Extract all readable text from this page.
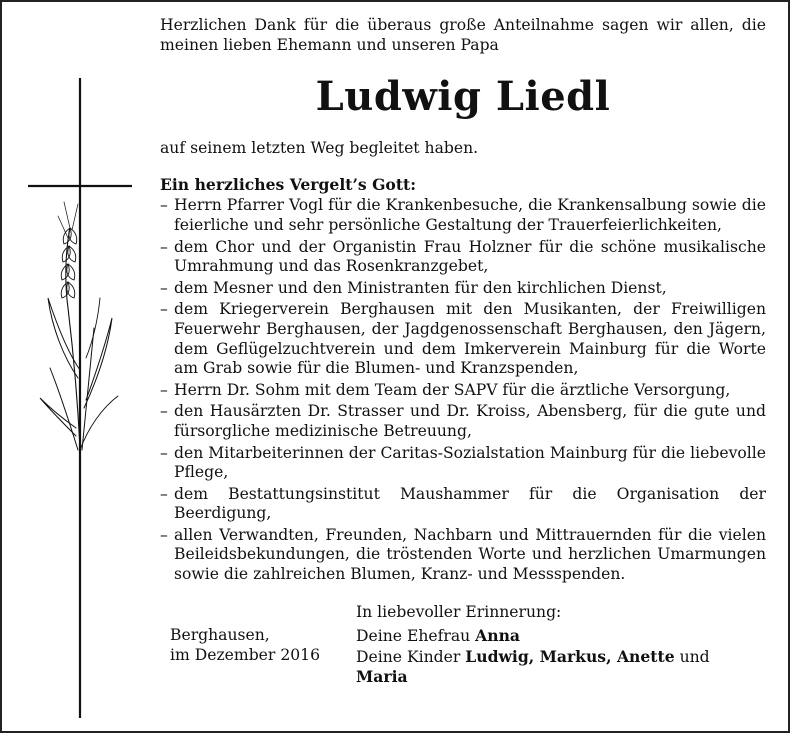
Herzlichen Dank für die überaus große Anteilnahme sagen wir allen, die meinen lieben Ehemann und unseren Papa

Ludwig Liedl

auf seinem letzten Weg begleitet haben.

Ein herzliches Vergelt’s Gott:

– Herrn Pfarrer Vogl für die Krankenbesuche, die Krankensalbung sowie die feierliche und sehr persönliche Gestaltung der Trauerfeierlichkeiten,
– dem Chor und der Organistin Frau Holzner für die schöne musikalische Umrahmung und das Rosenkranzgebet,
– dem Mesner und den Ministranten für den kirchlichen Dienst,
– dem Kriegerverein Berghausen mit den Musikanten, der Freiwilligen Feuerwehr Berghausen, der Jagdgenossenschaft Berghausen, den Jägern, dem Geflügelzuchtverein und dem Imkerverein Mainburg für die Worte am Grab sowie für die Blumen- und Kranzspenden,
– Herrn Dr. Sohm mit dem Team der SAPV für die ärztliche Versorgung,
– den Hausärzten Dr. Strasser und Dr. Kroiss, Abensberg, für die gute und fürsorgliche medizinische Betreuung,
– den Mitarbeiterinnen der Caritas-Sozialstation Mainburg für die liebevolle Pflege,
– dem Bestattungsinstitut Maushammer für die Organisation der Beerdigung,
– allen Verwandten, Freunden, Nachbarn und Mittrauernden für die vielen Beileidsbekundungen, die tröstenden Worte und herzlichen Umarmungen sowie die zahlreichen Blumen, Kranz- und Messspenden.
In liebevoller Erinnerung:
Berghausen,
im Dezember 2016
Deine Ehefrau Anna
Deine Kinder Ludwig, Markus, Anette und Maria
